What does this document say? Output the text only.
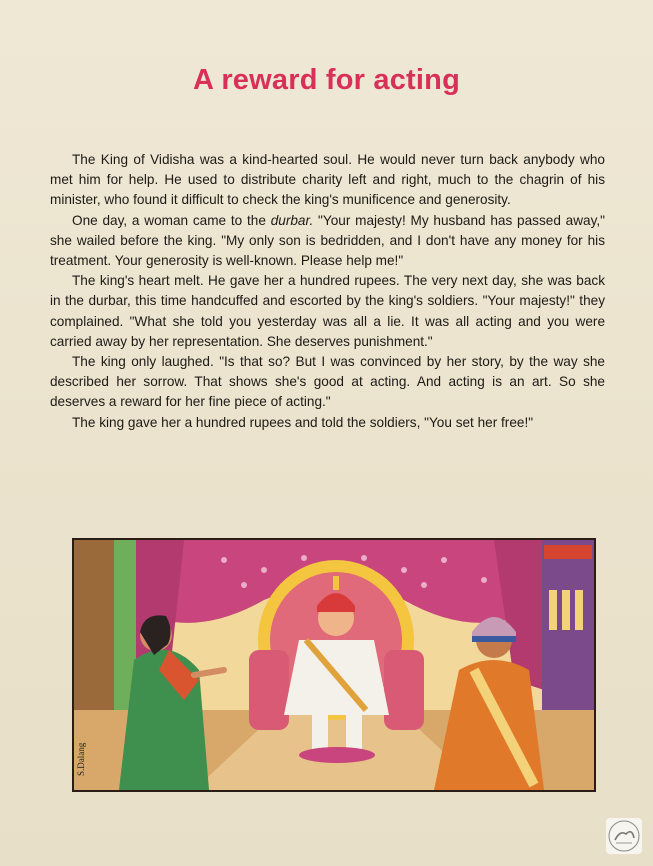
A reward for acting

The King of Vidisha was a kind-hearted soul. He would never turn back anybody who met him for help. He used to distribute charity left and right, much to the chagrin of his minister, who found it difficult to check the king's munificence and generosity.

One day, a woman came to the durbar. "Your majesty! My husband has passed away," she wailed before the king. "My only son is bedridden, and I don't have any money for his treatment. Your generosity is well-known. Please help me!"

The king's heart melt. He gave her a hundred rupees. The very next day, she was back in the durbar, this time handcuffed and escorted by the king's soldiers. "Your majesty!" they complained. "What she told you yesterday was all a lie. It was all acting and you were carried away by her representation. She deserves punishment."

The king only laughed. "Is that so? But I was convinced by her story, by the way she described her sorrow. That shows she's good at acting. And acting is an art. So she deserves a reward for her fine piece of acting."

The king gave her a hundred rupees and told the soldiers, "You set her free!"

S.Dalang
